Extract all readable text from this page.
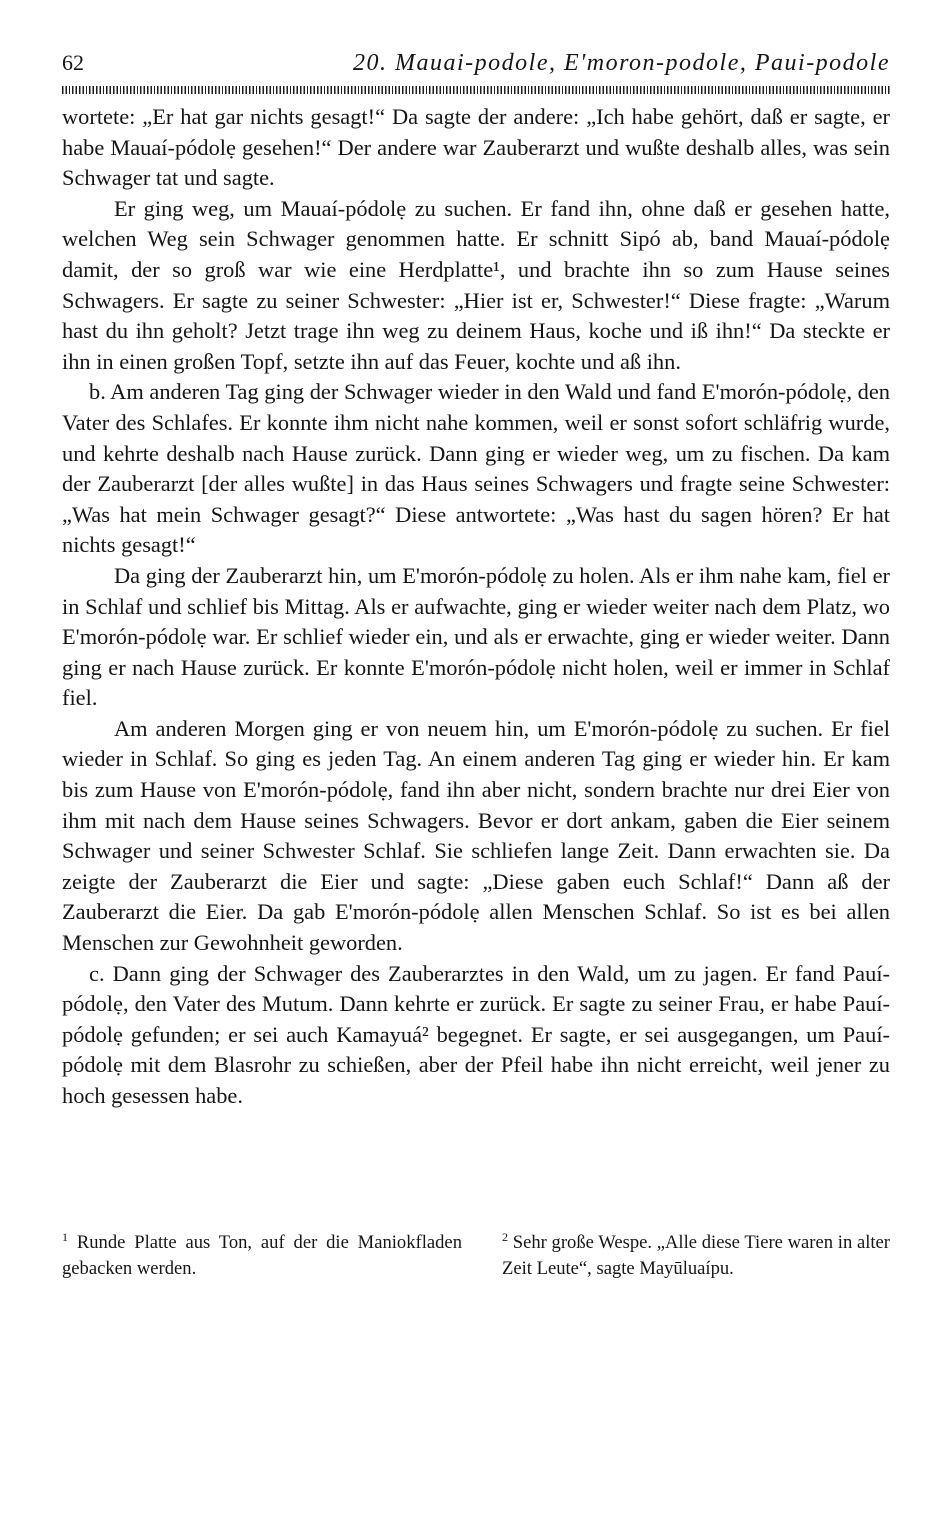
62	20. Mauai-podole, E'moron-podole, Paui-podole

wortete: „Er hat gar nichts gesagt!“ Da sagte der andere: „Ich habe gehört, daß er sagte, er habe Mauaí-pódolẹ gesehen!“ Der andere war Zauberarzt und wußte deshalb alles, was sein Schwager tat und sagte.

Er ging weg, um Mauaí-pódolẹ zu suchen. Er fand ihn, ohne daß er gesehen hatte, welchen Weg sein Schwager genommen hatte. Er schnitt Sipó ab, band Mauaí-pódolẹ damit, der so groß war wie eine Herdplatte¹, und brachte ihn so zum Hause seines Schwagers. Er sagte zu seiner Schwester: „Hier ist er, Schwester!“ Diese fragte: „Warum hast du ihn geholt? Jetzt trage ihn weg zu deinem Haus, koche und iß ihn!“ Da steckte er ihn in einen großen Topf, setzte ihn auf das Feuer, kochte und aß ihn.

b. Am anderen Tag ging der Schwager wieder in den Wald und fand E'morón-pódolẹ, den Vater des Schlafes. Er konnte ihm nicht nahe kommen, weil er sonst sofort schläfrig wurde, und kehrte deshalb nach Hause zurück. Dann ging er wieder weg, um zu fischen. Da kam der Zauberarzt [der alles wußte] in das Haus seines Schwagers und fragte seine Schwester: „Was hat mein Schwager gesagt?“ Diese antwortete: „Was hast du sagen hören? Er hat nichts gesagt!“

Da ging der Zauberarzt hin, um E'morón-pódolẹ zu holen. Als er ihm nahe kam, fiel er in Schlaf und schlief bis Mittag. Als er aufwachte, ging er wieder weiter nach dem Platz, wo E'morón-pódolẹ war. Er schlief wieder ein, und als er erwachte, ging er wieder weiter. Dann ging er nach Hause zurück. Er konnte E'morón-pódolẹ nicht holen, weil er immer in Schlaf fiel.

Am anderen Morgen ging er von neuem hin, um E'morón-pódolẹ zu suchen. Er fiel wieder in Schlaf. So ging es jeden Tag. An einem anderen Tag ging er wieder hin. Er kam bis zum Hause von E'morón-pódolẹ, fand ihn aber nicht, sondern brachte nur drei Eier von ihm mit nach dem Hause seines Schwagers. Bevor er dort ankam, gaben die Eier seinem Schwager und seiner Schwester Schlaf. Sie schliefen lange Zeit. Dann erwachten sie. Da zeigte der Zauberarzt die Eier und sagte: „Diese gaben euch Schlaf!“ Dann aß der Zauberarzt die Eier. Da gab E'morón-pódolẹ allen Menschen Schlaf. So ist es bei allen Menschen zur Gewohnheit geworden.

c. Dann ging der Schwager des Zauberarztes in den Wald, um zu jagen. Er fand Pauí-pódolẹ, den Vater des Mutum. Dann kehrte er zurück. Er sagte zu seiner Frau, er habe Pauí-pódolẹ gefunden; er sei auch Kamayuá² begegnet. Er sagte, er sei ausgegangen, um Pauí-pódolẹ mit dem Blasrohr zu schießen, aber der Pfeil habe ihn nicht erreicht, weil jener zu hoch gesessen habe.

$^1$ Runde Platte aus Ton, auf der die Maniokfladen gebacken werden.
$^2$ Sehr große Wespe. „Alle diese Tiere waren in alter Zeit Leute“, sagte Mayūluaípu.
